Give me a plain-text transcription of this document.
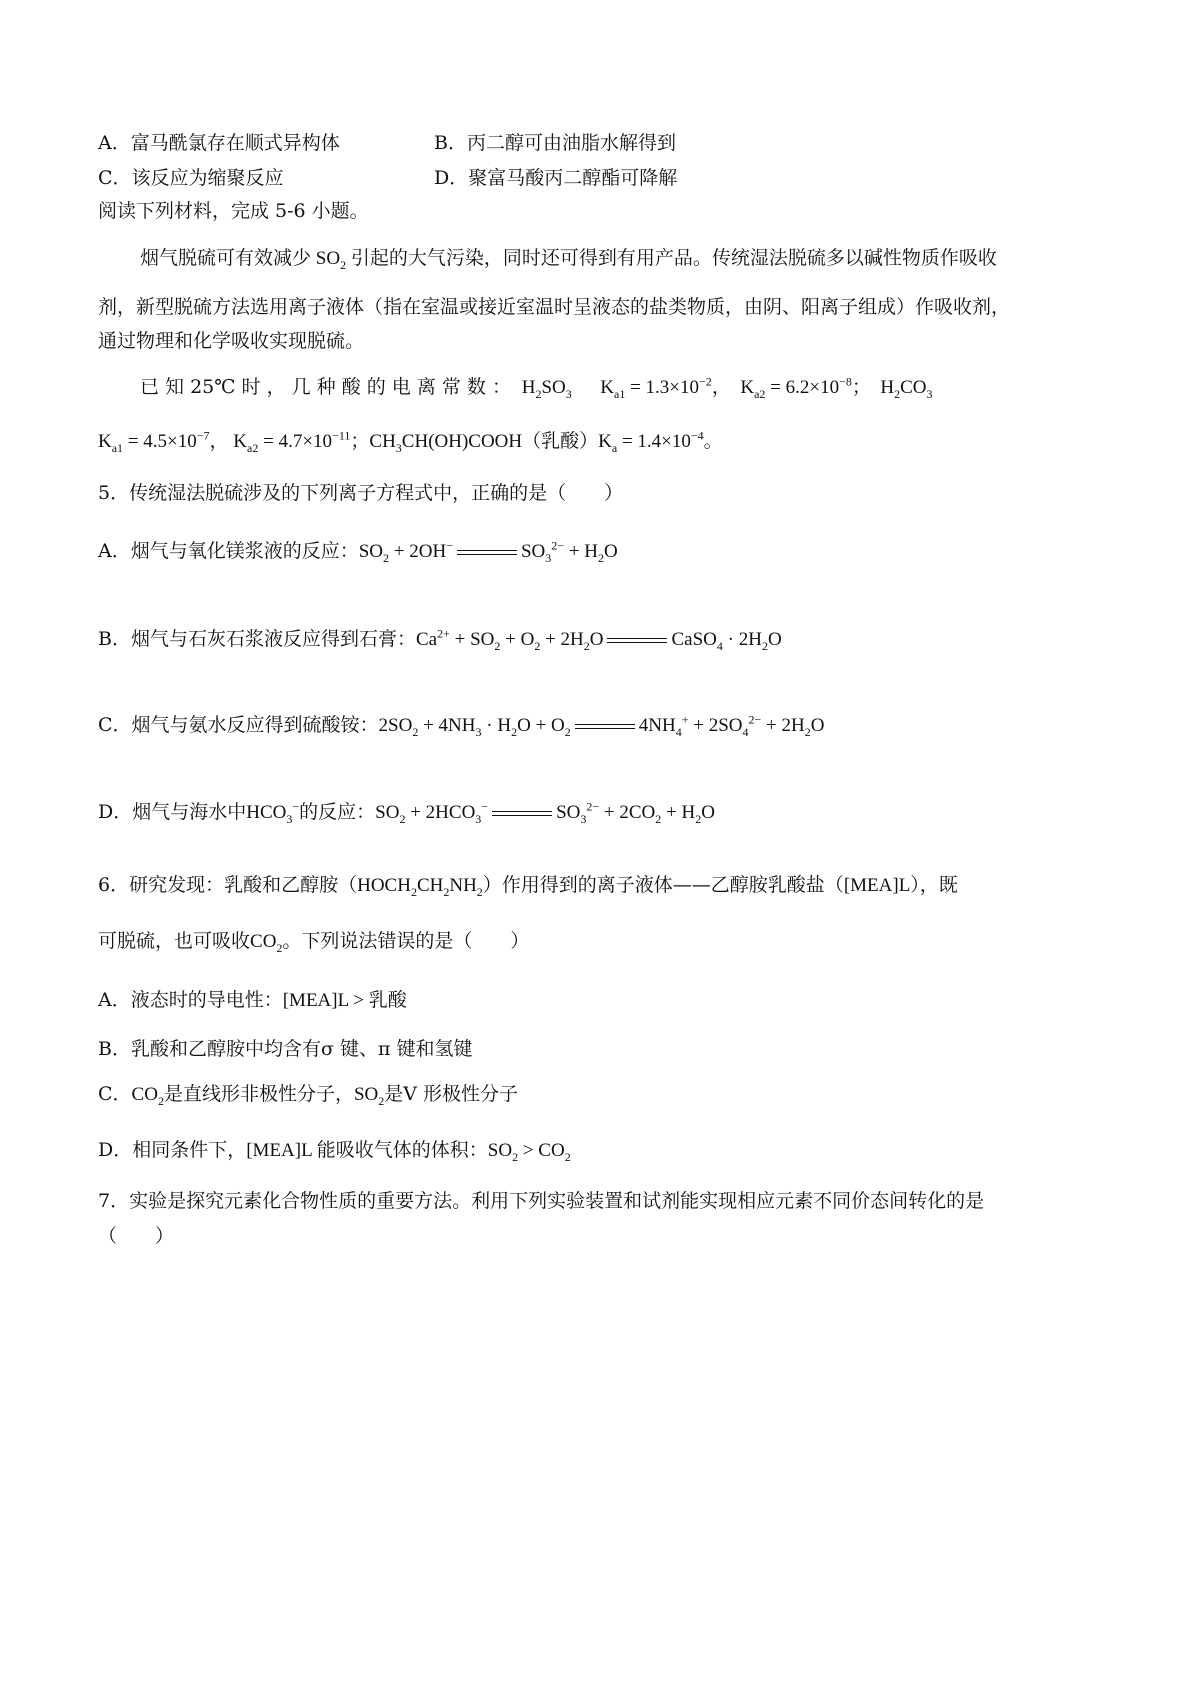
A．富马酰氯存在顺式异构体	B．丙二醇可由油脂水解得到
C．该反应为缩聚反应	D．聚富马酸丙二醇酯可降解
阅读下列材料，完成 5-6 小题。
烟气脱硫可有效减少 $SO_2$ 引起的大气污染，同时还可得到有用产品。传统湿法脱硫多以碱性物质作吸收
剂，新型脱硫方法选用离子液体（指在室温或接近室温时呈液态的盐类物质，由阴、阳离子组成）作吸收剂，
通过物理和化学吸收实现脱硫。
已 知 25℃ 时 ， 几 种 酸 的 电 离 常 数 ：  $H_2SO_3$      $K_{a1} = 1.3\times 10^{-2}$，  $K_{a2} = 6.2\times 10^{-8}$；  $H_2CO_3$
$K_{a1} = 4.5\times 10^{-7}$， $K_{a2} = 4.7\times 10^{-11}$；$CH_3CH(OH)COOH$（乳酸）$K_a = 1.4\times 10^{-4}$。
5．传统湿法脱硫涉及的下列离子方程式中，正确的是（　　）
A．烟气与氧化镁浆液的反应：$SO_2 + 2OH^-$	$SO_3^{2-} + H_2O$
B．烟气与石灰石浆液反应得到石膏：$Ca^{2+} + SO_2 + O_2 + 2H_2O$	CaSO$_4$ · $2H_2O$
C．烟气与氨水反应得到硫酸铵：$2SO_2 + 4NH_3 \cdot H_2O + O_2$	$4NH_4^+ + 2SO_4^{2-} + 2H_2O$
D．烟气与海水中$HCO_3^-$的反应：$SO_2 + 2HCO_3^-$	$SO_3^{2-} + 2CO_2 + H_2O$
6．研究发现：乳酸和乙醇胺$(HOCH_2CH_2NH_2)$作用得到的离子液体——乙醇胺乳酸盐（[MEA]L），既
可脱硫，也可吸收$CO_2$。下列说法错误的是（　　）
A．液态时的导电性：[MEA]L > 乳酸
B．乳酸和乙醇胺中均含有σ 键、π 键和氢键
C．$CO_2$是直线形非极性分子，$SO_2$是V 形极性分子
D．相同条件下，[MEA]L 能吸收气体的体积：$SO_2 > CO_2$
7．实验是探究元素化合物性质的重要方法。利用下列实验装置和试剂能实现相应元素不同价态间转化的是
（　　）
